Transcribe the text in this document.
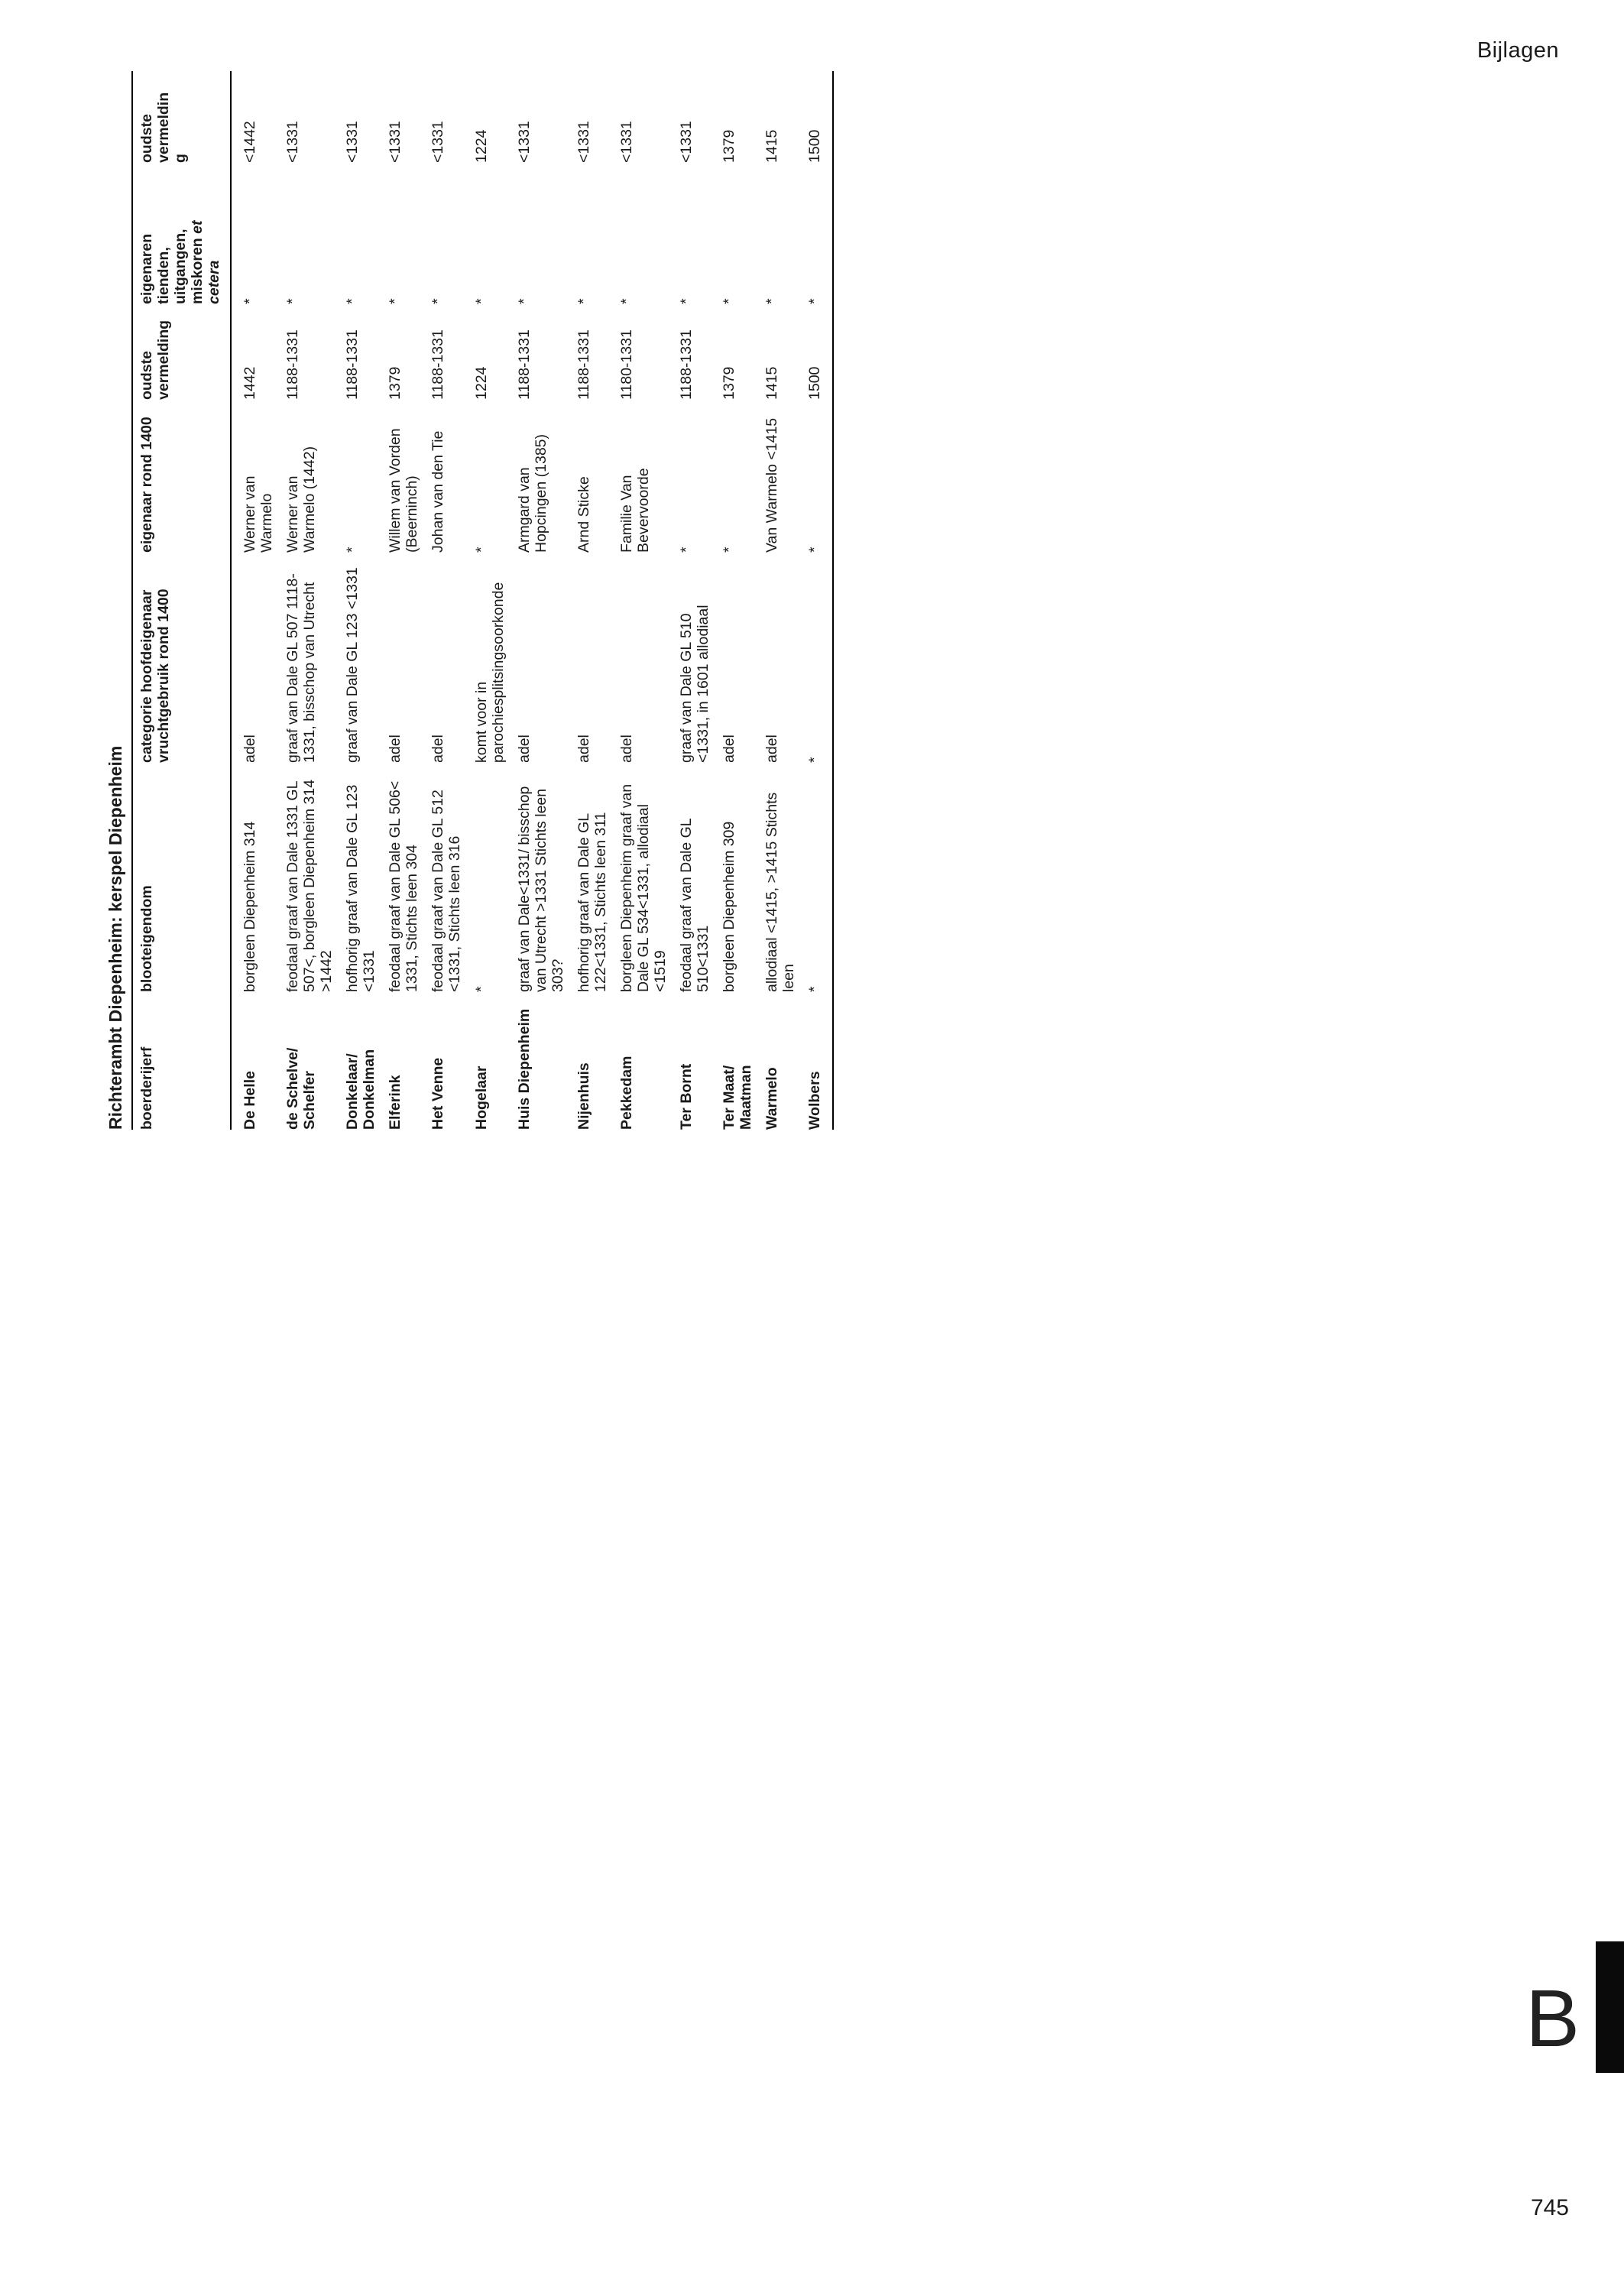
Bijlagen
Richterambt Diepenheim: kerspel Diepenheim boerderijerf	blooteigendom	categorie hoofdeigenaar vruchtgebruik rond 1400	eigenaar rond 1400	oudste vermelding	eigenaren tienden, uitgangen, miskoren et cetera	oudste vermelding
De Helle	borgleen Diepenheim 314	adel	Werner van Warmelo	1442	*	<1442
de Schelve/ Schelfer	feodaal graaf van Dale 1331 GL 507<, borgleen Diepenheim 314 >1442	graaf van Dale GL 507 1118-1331, bisschop van Utrecht	Werner van Warmelo (1442)	1188-1331	*	<1331
Donkelaar/ Donkelman	hofhorig graaf van Dale GL 123 <1331	graaf van Dale GL 123 <1331	*	1188-1331	*	<1331
Elferink	feodaal graaf van Dale GL 506< 1331, Stichts leen 304	adel	Willem van Vorden (Beerninch)	1379	*	<1331
Het Venne	feodaal graaf van Dale GL 512 <1331, Stichts leen 316	adel	Johan van den Tie	1188-1331	*	<1331
Hogelaar	*	komt voor in parochiesplitsingsoorkonde	*	1224	*	1224
Huis Diepenheim	graaf van Dale<1331/ bisschop van Utrecht >1331 Stichts leen 303?	adel	Armgard van Hopcingen (1385)	1188-1331	*	<1331
Nijenhuis	hofhorig graaf van Dale GL 122<1331, Stichts leen 311	adel	Arnd Sticke	1188-1331	*	<1331
Pekkedam	borgleen Diepenheim graaf van Dale GL 534<1331, allodiaal <1519	adel	Familie Van Bevervoorde	1180-1331	*	<1331
Ter Bornt	feodaal graaf van Dale GL 510<1331	graaf van Dale GL 510 <1331, in 1601 allodiaal	*	1188-1331	*	<1331
Ter Maat/ Maatman	borgleen Diepenheim 309	adel	*	1379	*	1379
Warmelo	allodiaal <1415, >1415 Stichts leen	adel	Van Warmelo <1415	1415	*	1415
Wolbers	*	*	*	1500	*	1500
B
745
